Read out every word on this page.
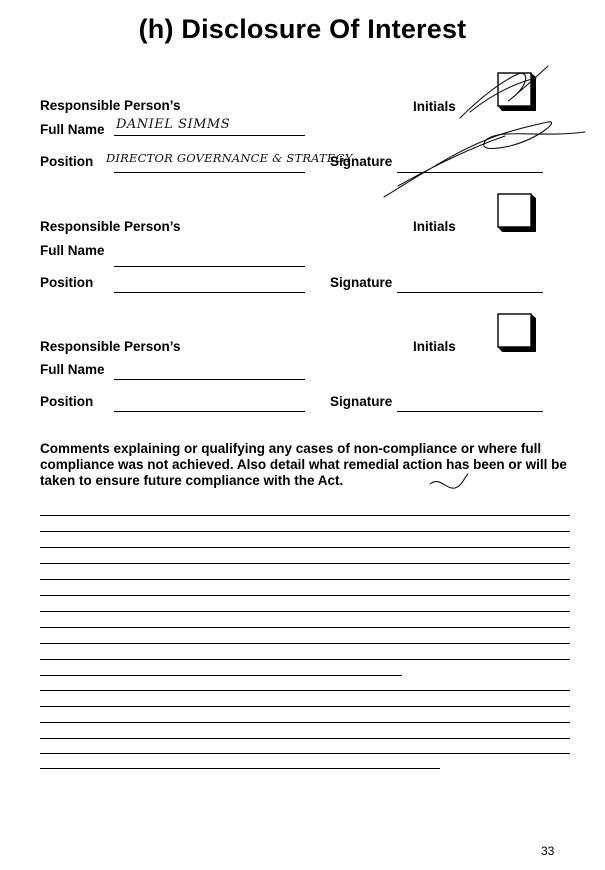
(h) Disclosure Of Interest
Responsible Person’s
Full Name DANIEL SIMMS
Position DIRECTOR GOVERNANCE & STRATEGY
Initials
Signature
Responsible Person’s
Full Name
Position
Initials
Signature
Responsible Person’s
Full Name
Position
Initials
Signature
Comments explaining or qualifying any cases of non-compliance or where full compliance was not achieved. Also detail what remedial action has been or will be taken to ensure future compliance with the Act.
33
